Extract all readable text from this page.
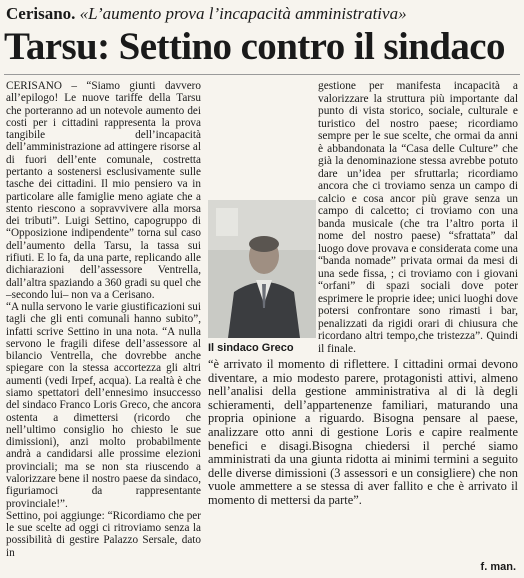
Cerisano. «L’aumento prova l’incapacità amministrativa»
Tarsu: Settino contro il sindaco

CERISANO – “Siamo giunti davvero all’epilogo! Le nuove tariffe della Tarsu che porteranno ad un notevole aumento dei costi per i cittadini rappresenta la prova tangibile dell’incapacità dell’amministrazione ad attingere risorse al di fuori dell’ente comunale, costretta pertanto a sostenersi esclusivamente sulle tasche dei cittadini. Il mio pensiero va in particolare alle famiglie meno agiate che a stento riescono a sopravvivere alla morsa dei tributi”. Luigi Settino, capogruppo di “Opposizione indipendente” torna sul caso dell’aumento della Tarsu, la tassa sui rifiuti. E lo fa, da una parte, replicando alle dichiarazioni dell’assessore Ventrella, dall’altra spaziando a 360 gradi su quel che –secondo lui– non va a Cerisano.

“A nulla servono le varie giustificazioni sui tagli che gli enti comunali hanno subito”, infatti scrive Settino in una nota. “A nulla servono le fragili difese dell’assessore al bilancio Ventrella, che dovrebbe anche spiegare con la stessa accortezza gli altri aumenti (vedi Irpef, acqua). La realtà è che siamo spettatori dell’ennesimo insuccesso del sindaco Franco Loris Greco, che ancora ostenta a dimettersi (ricordo che nell’ultimo consiglio ho chiesto le sue dimissioni), anzi molto probabilmente andrà a candidarsi alle prossime elezioni provinciali; ma se non sta riuscendo a valorizzare bene il nostro paese da sindaco, figuriamoci da rappresentante provinciale!”.

Settino, poi aggiunge: “Ricordiamo che per le sue scelte ad oggi ci ritroviamo senza la possibilità di gestire Palazzo Sersale, dato in

Il sindaco Greco

gestione per manifesta incapacità a valorizzare la struttura più importante dal punto di vista storico, sociale, culturale e turistico del nostro paese; ricordiamo sempre per le sue scelte, che ormai da anni è abbandonata la “Casa delle Culture” che già la denominazione stessa avrebbe potuto dare un’idea per sfruttarla; ricordiamo ancora che ci troviamo senza un campo di calcio e cosa ancor più grave senza un campo di calcetto; ci troviamo con una banda musicale (che tra l’altro porta il nome del nostro paese) “sfrattata” dal luogo dove provava e considerata come una “banda nomade” privata ormai da mesi di una sede fissa, ; ci troviamo con i giovani “orfani” di spazi sociali dove poter esprimere le proprie idee; unici luoghi dove potersi confrontare sono rimasti i bar, penalizzati da rigidi orari di chiusura che ricordano altri tempo,che tristezza”. Quindi il finale.

“è arrivato il momento di riflettere. I cittadini ormai devono diventare, a mio modesto parere, protagonisti attivi, almeno nell’analisi della gestione amministrativa al di là degli schieramenti, dell’appartenenze familiari, maturando una propria opinione a riguardo. Bisogna pensare al paese, analizzare otto anni di gestione Loris e capire realmente benefici e disagi.Bisogna chiedersi il perché siamo amministrati da una giunta ridotta ai minimi termini a seguito delle diverse dimissioni (3 assessori e un consigliere) che non vuole ammettere a se stessa di aver fallito e che è arrivato il momento di mettersi da parte”.

f. man.
